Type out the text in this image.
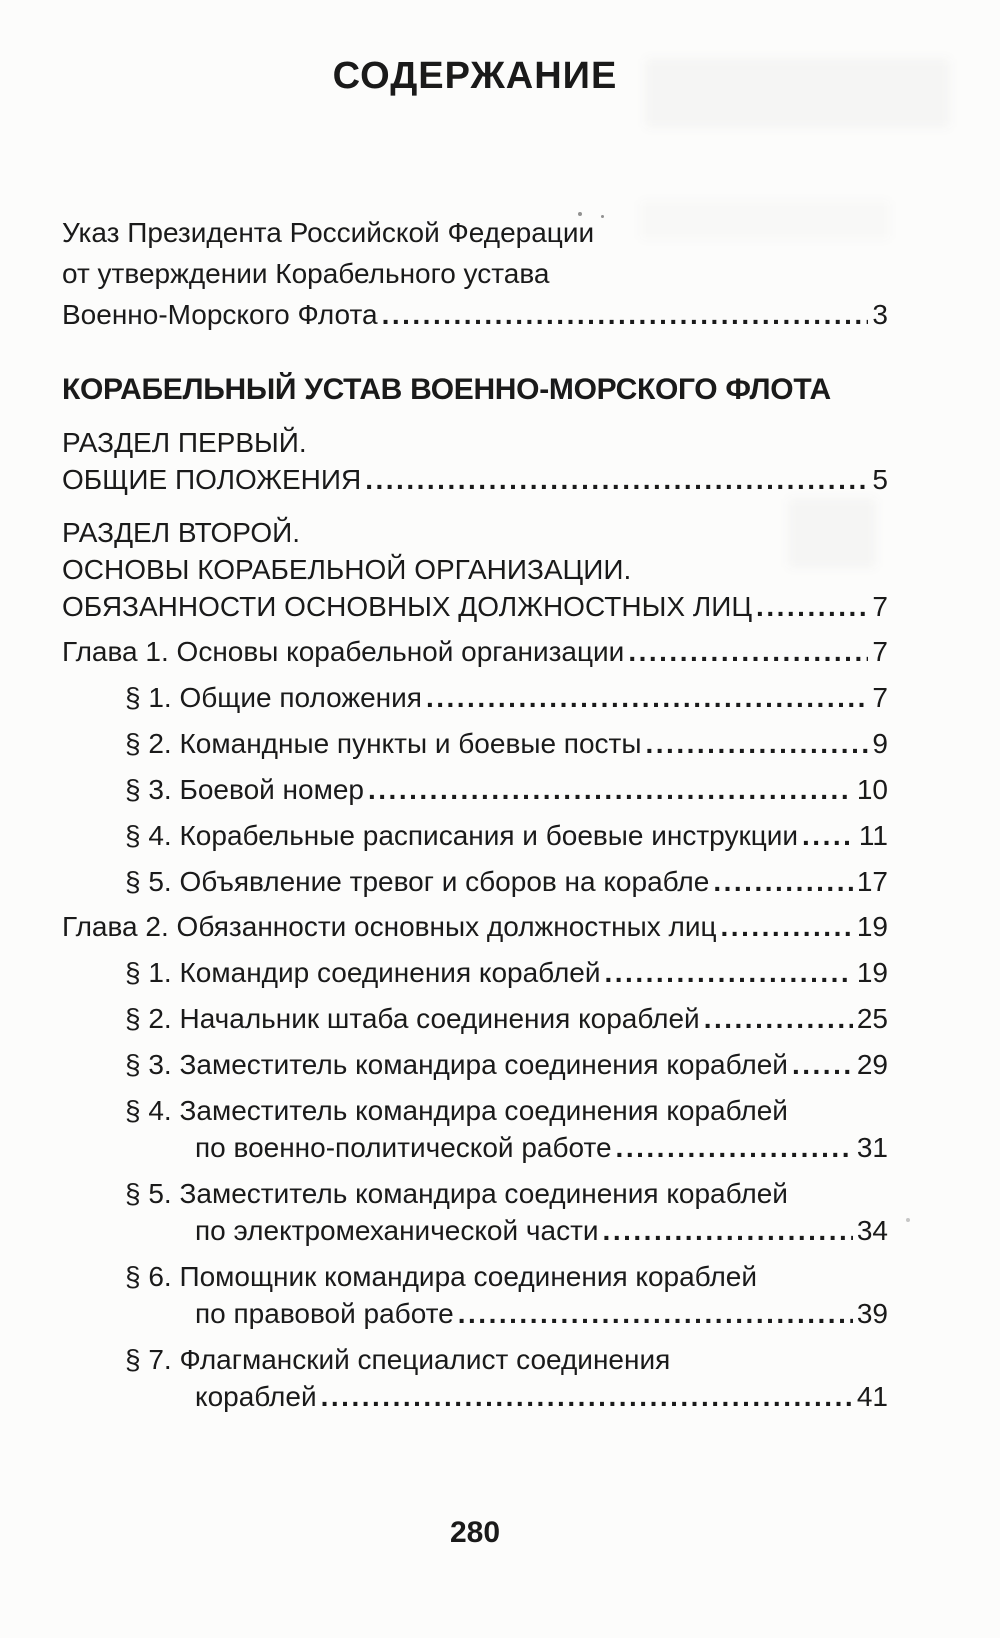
СОДЕРЖАНИЕ
Указ Президента Российской Федерации
от утверждении Корабельного устава
Военно-Морского Флота .....	3
КОРАБЕЛЬНЫЙ УСТАВ ВОЕННО-МОРСКОГО ФЛОТА
РАЗДЕЛ ПЕРВЫЙ.
ОБЩИЕ ПОЛОЖЕНИЯ .....	5
РАЗДЕЛ ВТОРОЙ.
ОСНОВЫ КОРАБЕЛЬНОЙ ОРГАНИЗАЦИИ.
ОБЯЗАННОСТИ ОСНОВНЫХ ДОЛЖНОСТНЫХ ЛИЦ .....	7
Глава 1. Основы корабельной организации .....	7
§ 1. Общие положения .....	7
§ 2. Командные пункты и боевые посты .....	9
§ 3. Боевой номер .....	10
§ 4. Корабельные расписания и боевые инструкции ..... 11
§ 5. Объявление тревог и сборов на корабле .....	17
Глава 2. Обязанности основных должностных лиц .....	19
§ 1. Командир соединения кораблей .....	19
§ 2. Начальник штаба соединения кораблей .....	25
§ 3. Заместитель командира соединения кораблей ..... 29
§ 4. Заместитель командира соединения кораблей
по военно-политической работе .....	31
§ 5. Заместитель командира соединения кораблей
по электромеханической части .....	34
§ 6. Помощник командира соединения кораблей
по правовой работе .....	39
§ 7. Флагманский специалист соединения
кораблей .....	41
280
